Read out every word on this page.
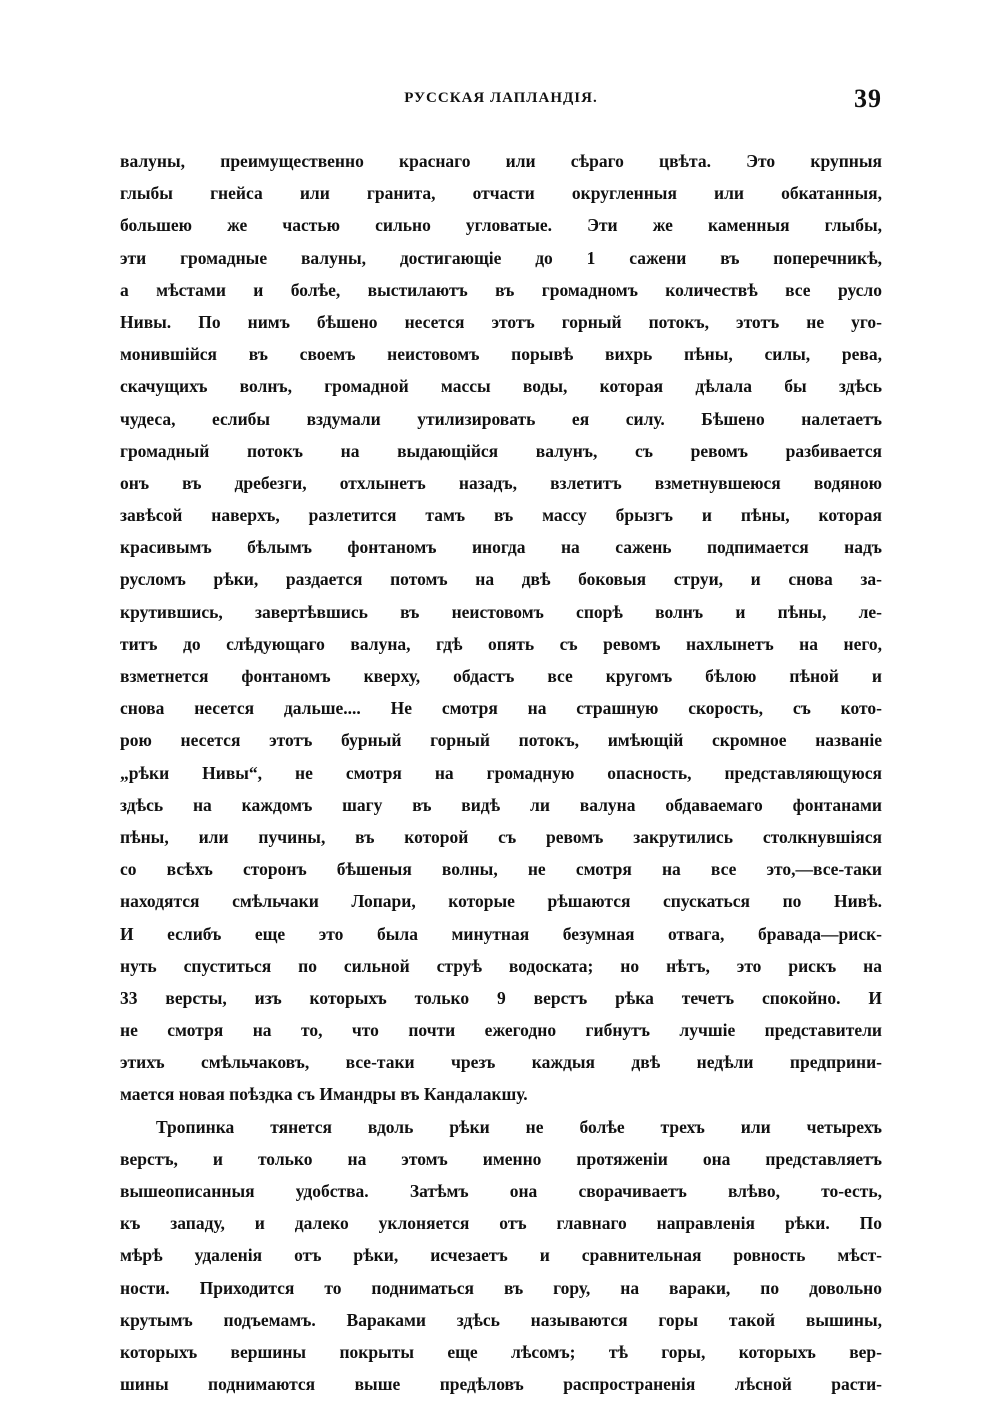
РУССКАЯ ЛАПЛАНДІЯ.	39
валуны, преимущественно краснаго или сѣраго цвѣта. Это крупныя
глыбы гнейса или гранита, отчасти округленныя или обкатанныя,
большею же частью сильно угловатые. Эти же каменныя глыбы,
эти громадные валуны, достигающіе до 1 сажени въ поперечникѣ,
а мѣстами и болѣе, выстилаютъ въ громадномъ количествѣ все русло
Нивы. По нимъ бѣшено несется этотъ горный потокъ, этотъ не уго-
монившійся въ своемъ неистовомъ порывѣ вихрь пѣны, силы, рева,
скачущихъ волнъ, громадной массы воды, которая дѣлала бы здѣсь
чудеса, еслибы вздумали утилизировать ея силу. Бѣшено налетаетъ
громадный потокъ на выдающійся валунъ, съ ревомъ разбивается
онъ въ дребезги, отхлынетъ назадъ, взлетитъ взметнувшеюся водяною
завѣсой наверхъ, разлетится тамъ въ массу брызгъ и пѣны, которая
красивымъ бѣлымъ фонтаномъ иногда на сажень подпимается надъ
русломъ рѣки, раздается потомъ на двѣ боковыя струи, и снова за-
крутившись, завертѣвшись въ неистовомъ спорѣ волнъ и пѣны, ле-
титъ до слѣдующаго валуна, гдѣ опять съ ревомъ нахлынетъ на него,
взметнется фонтаномъ кверху, обдастъ все кругомъ бѣлою пѣной и
снова несется дальше.... Не смотря на страшную скорость, съ кото-
рою несется этотъ бурный горный потокъ, имѣющій скромное названіе
„рѣки Нивы“, не смотря на громадную опасность, представляющуюся
здѣсь на каждомъ шагу въ видѣ ли валуна обдаваемаго фонтанами
пѣны, или пучины, въ которой съ ревомъ закрутились столкнувшіяся
со всѣхъ сторонъ бѣшеныя волны, не смотря на все это,—все-таки
находятся смѣльчаки Лопари, которые рѣшаются спускаться по Нивѣ.
И еслибъ еще это была минутная безумная отвага, бравада—риск-
нуть спуститься по сильной струѣ водоската; но нѣтъ, это рискъ на
33 версты, изъ которыхъ только 9 верстъ рѣка течетъ спокойно. И
не смотря на то, что почти ежегодно гибнутъ лучшіе представители
этихъ смѣльчаковъ, все-таки чрезъ каждыя двѣ недѣли предприни-
мается новая поѣздка съ Имандры въ Кандалакшу.
Тропинка тянется вдоль рѣки не болѣе трехъ или четырехъ
верстъ, и только на этомъ именно протяженіи она представляетъ
вышеописанныя удобства. Затѣмъ она сворачиваетъ влѣво, то-есть,
къ западу, и далеко уклоняется отъ главнаго направленія рѣки. По
мѣрѣ удаленія отъ рѣки, исчезаетъ и сравнительная ровность мѣст-
ности. Приходится то подниматься въ гору, на вараки, по довольно
крутымъ подъемамъ. Вараками здѣсь называются горы такой вышины,
которыхъ вершины покрыты еще лѣсомъ; тѣ горы, которыхъ вер-
шины поднимаются выше предѣловъ распространенія лѣсной расти-
